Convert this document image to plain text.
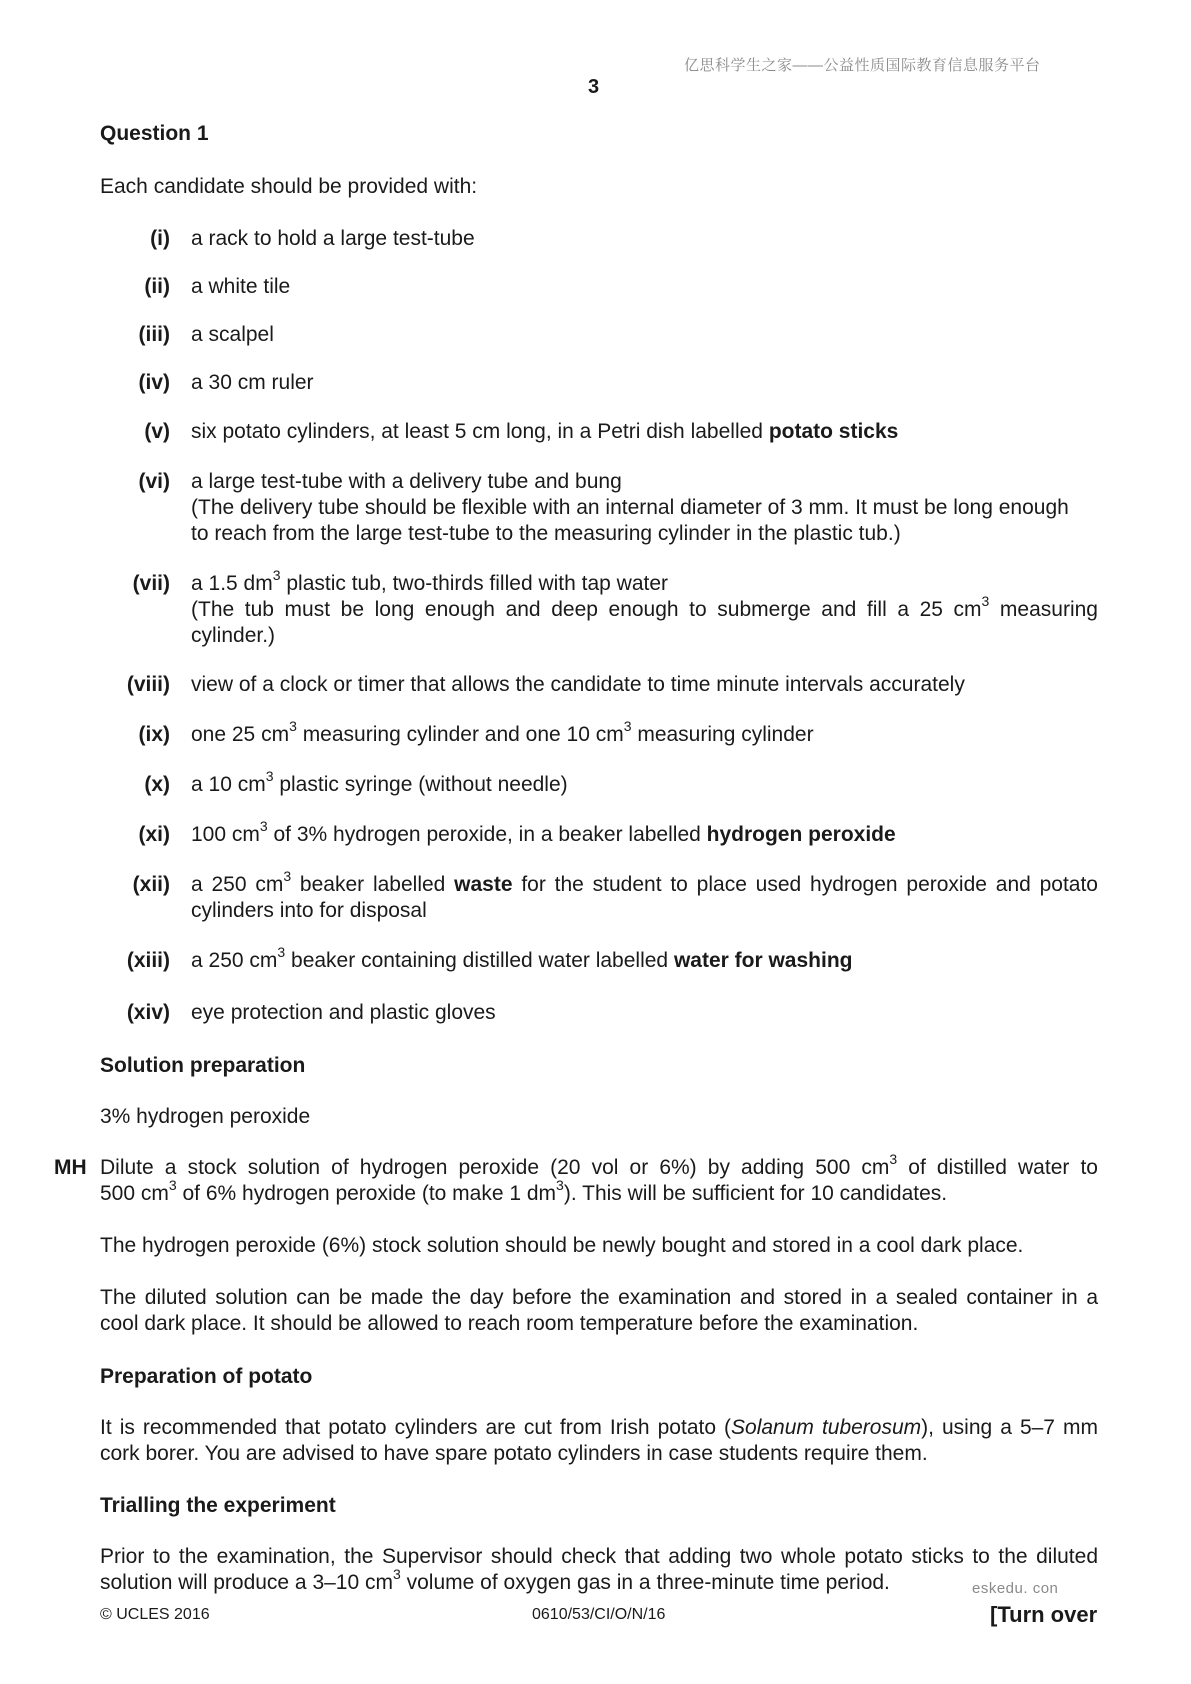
亿思科学生之家——公益性质国际教育信息服务平台
3
Question 1
Each candidate should be provided with:
(i) a rack to hold a large test-tube
(ii) a white tile
(iii) a scalpel
(iv) a 30 cm ruler
(v) six potato cylinders, at least 5 cm long, in a Petri dish labelled potato sticks
(vi) a large test-tube with a delivery tube and bung
(The delivery tube should be flexible with an internal diameter of 3 mm. It must be long enough
to reach from the large test-tube to the measuring cylinder in the plastic tub.)
(vii) a 1.5 $dm^3$ plastic tub, two-thirds filled with tap water
(The tub must be long enough and deep enough to submerge and fill a 25 $cm^3$ measuring
cylinder.)
(viii) view of a clock or timer that allows the candidate to time minute intervals accurately
(ix) one 25 $cm^3$ measuring cylinder and one 10 $cm^3$ measuring cylinder
(x) a 10 $cm^3$ plastic syringe (without needle)
(xi) 100 $cm^3$ of 3% hydrogen peroxide, in a beaker labelled hydrogen peroxide
(xii) a 250 $cm^3$ beaker labelled waste for the student to place used hydrogen peroxide and potato
cylinders into for disposal
(xiii) a 250 $cm^3$ beaker containing distilled water labelled water for washing
(xiv) eye protection and plastic gloves
Solution preparation
3% hydrogen peroxide
MH Dilute a stock solution of hydrogen peroxide (20 vol or 6%) by adding 500 $cm^3$ of distilled water to
500 $cm^3$ of 6% hydrogen peroxide (to make 1 $dm^3$). This will be sufficient for 10 candidates.
The hydrogen peroxide (6%) stock solution should be newly bought and stored in a cool dark place.
The diluted solution can be made the day before the examination and stored in a sealed container in a
cool dark place. It should be allowed to reach room temperature before the examination.
Preparation of potato
It is recommended that potato cylinders are cut from Irish potato (Solanum tuberosum), using a 5–7 mm
cork borer. You are advised to have spare potato cylinders in case students require them.
Trialling the experiment
Prior to the examination, the Supervisor should check that adding two whole potato sticks to the diluted
solution will produce a 3–10 $cm^3$ volume of oxygen gas in a three-minute time period.	eskedu. con
© UCLES 2016	0610/53/CI/O/N/16	[Turn over
